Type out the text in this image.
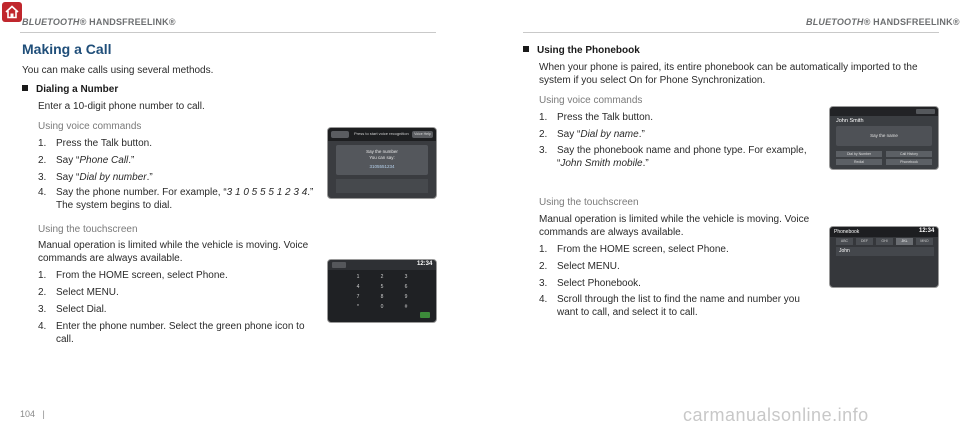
BLUETOOTH® HANDSFREELINK®	BLUETOOTH® HANDSFREELINK®
Making a Call
You can make calls using several methods.
Dialing a Number
Enter a 10-digit phone number to call.
Using voice commands
1. Press the Talk button.
2. Say “Phone Call.”
3. Say “Dial by number.”
4. Say the phone number. For example, “3 1 0 5 5 5 1 2 3 4.”
The system begins to dial.
Using the touchscreen
Manual operation is limited while the vehicle is moving. Voice commands are always available.
1. From the HOME screen, select Phone.
2. Select MENU.
3. Select Dial.
4. Enter the phone number. Select the green phone icon to
call.
Press to start voice recognition	Voice Help
Say the number
You can say:
3105551234
12:34
1	2	3
4	5	6
7	8	9
*	0	#
Using the Phonebook
When your phone is paired, its entire phonebook can be automatically imported to the system if you select On for Phone Synchronization.
Using voice commands
1. Press the Talk button.
2. Say “Dial by name.”
3. Say the phonebook name and phone type. For example,
“John Smith mobile.”
Using the touchscreen
Manual operation is limited while the vehicle is moving. Voice commands are always available.
1. From the HOME screen, select Phone.
2. Select MENU.
3. Select Phonebook.
4. Scroll through the list to find the name and number you
want to call, and select it to call.
John Smith
Say the name
Dial by Number	Call History
Redial	Phonebook
Phonebook	12:34
ABC	DEF	GHI	JKL	MNO
John
104 |	carmanualsonline.info
